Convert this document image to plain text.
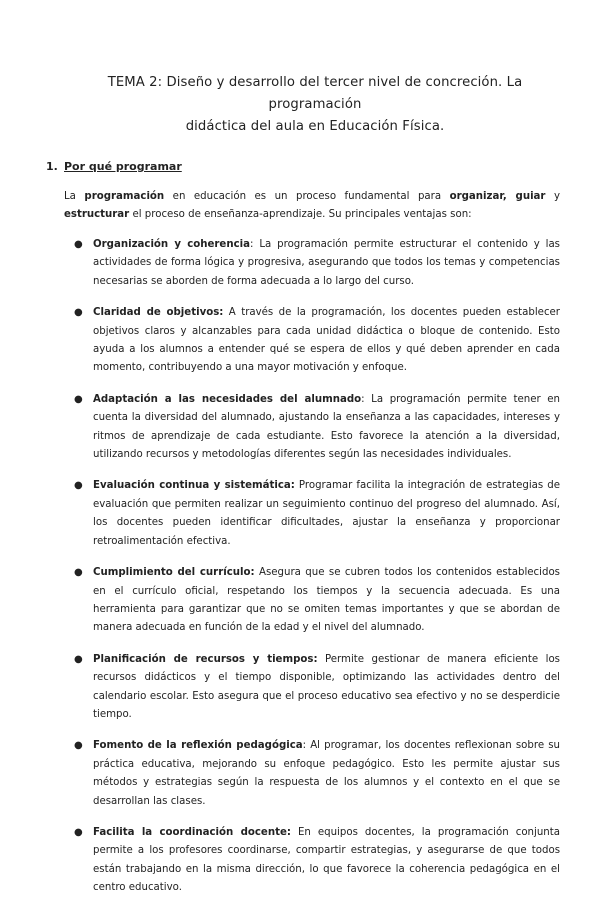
TEMA 2: Diseño y desarrollo del tercer nivel de concreción. La programación
didáctica del aula en Educación Física.
1. Por qué programar

La programación en educación es un proceso fundamental para organizar, guiar y estructurar el proceso de enseñanza-aprendizaje. Su principales ventajas son:

● Organización y coherencia: La programación permite estructurar el contenido y las actividades de forma lógica y progresiva, asegurando que todos los temas y competencias necesarias se aborden de forma adecuada a lo largo del curso.
● Claridad de objetivos: A través de la programación, los docentes pueden establecer objetivos claros y alcanzables para cada unidad didáctica o bloque de contenido. Esto ayuda a los alumnos a entender qué se espera de ellos y qué deben aprender en cada momento, contribuyendo a una mayor motivación y enfoque.
● Adaptación a las necesidades del alumnado: La programación permite tener en cuenta la diversidad del alumnado, ajustando la enseñanza a las capacidades, intereses y ritmos de aprendizaje de cada estudiante. Esto favorece la atención a la diversidad, utilizando recursos y metodologías diferentes según las necesidades individuales.
● Evaluación continua y sistemática: Programar facilita la integración de estrategias de evaluación que permiten realizar un seguimiento continuo del progreso del alumnado. Así, los docentes pueden identificar dificultades, ajustar la enseñanza y proporcionar retroalimentación efectiva.
● Cumplimiento del currículo: Asegura que se cubren todos los contenidos establecidos en el currículo oficial, respetando los tiempos y la secuencia adecuada. Es una herramienta para garantizar que no se omiten temas importantes y que se abordan de manera adecuada en función de la edad y el nivel del alumnado.
● Planificación de recursos y tiempos: Permite gestionar de manera eficiente los recursos didácticos y el tiempo disponible, optimizando las actividades dentro del calendario escolar. Esto asegura que el proceso educativo sea efectivo y no se desperdicie tiempo.
● Fomento de la reflexión pedagógica: Al programar, los docentes reflexionan sobre su práctica educativa, mejorando su enfoque pedagógico. Esto les permite ajustar sus métodos y estrategias según la respuesta de los alumnos y el contexto en el que se desarrollan las clases.
● Facilita la coordinación docente: En equipos docentes, la programación conjunta permite a los profesores coordinarse, compartir estrategias, y asegurarse de que todos están trabajando en la misma dirección, lo que favorece la coherencia pedagógica en el centro educativo.
